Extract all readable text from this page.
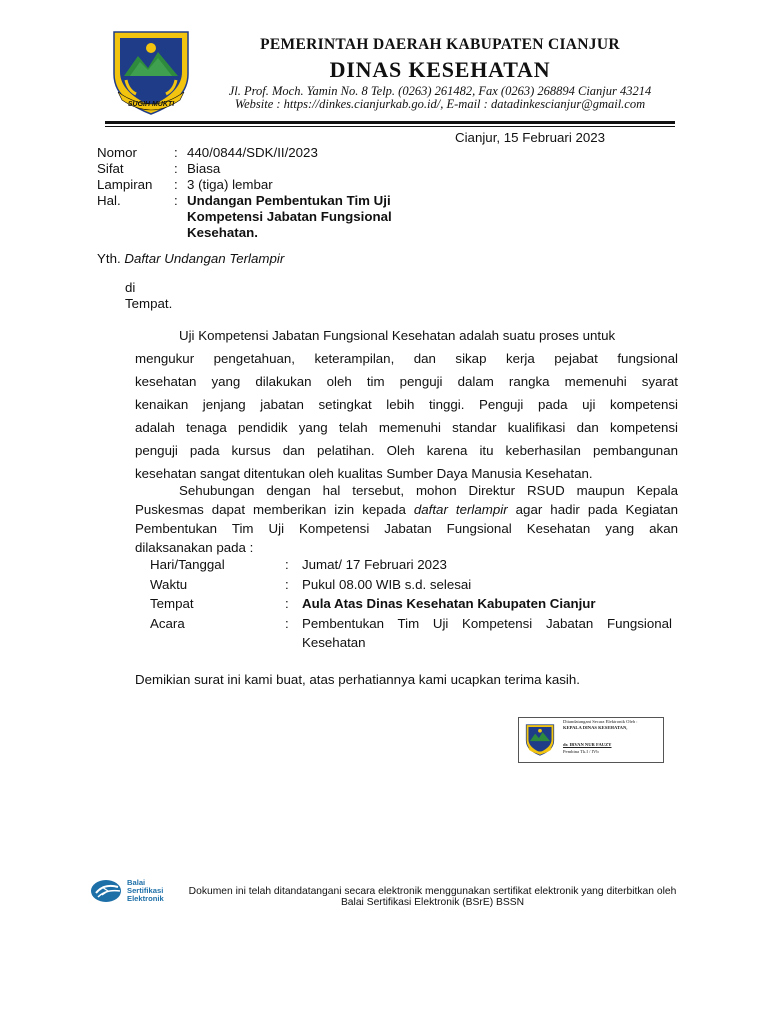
SUGIH MUKTI
PEMERINTAH DAERAH KABUPATEN CIANJUR
DINAS KESEHATAN
Jl. Prof. Moch. Yamin No. 8 Telp. (0263) 261482, Fax (0263) 268894 Cianjur 43214
Website : https://dinkes.cianjurkab.go.id/, E-mail : datadinkescianjur@gmail.com
Cianjur, 15 Februari 2023
Nomor	: 440/0844/SDK/II/2023
Sifat	: Biasa
Lampiran : 3 (tiga) lembar
Hal.	: Undangan Pembentukan Tim Uji
Kompetensi Jabatan Fungsional
Kesehatan.
Yth. Daftar Undangan Terlampir
di
Tempat.
Uji Kompetensi Jabatan Fungsional Kesehatan adalah suatu proses untuk
mengukur pengetahuan, keterampilan, dan sikap kerja pejabat fungsional
kesehatan yang dilakukan oleh tim penguji dalam rangka memenuhi syarat
kenaikan jenjang jabatan setingkat lebih tinggi. Penguji pada uji kompetensi
adalah tenaga pendidik yang telah memenuhi standar kualifikasi dan kompetensi
penguji pada kursus dan pelatihan. Oleh karena itu keberhasilan pembangunan
kesehatan sangat ditentukan oleh kualitas Sumber Daya Manusia Kesehatan.
Sehubungan dengan hal tersebut, mohon Direktur RSUD maupun Kepala
Puskesmas dapat memberikan izin kepada daftar terlampir agar hadir pada Kegiatan
Pembentukan Tim Uji Kompetensi Jabatan Fungsional Kesehatan yang akan
dilaksanakan pada :
Hari/Tanggal	: Jumat/ 17 Februari 2023
Waktu	: Pukul 08.00 WIB s.d. selesai
Tempat	: Aula Atas Dinas Kesehatan Kabupaten Cianjur
Acara	: Pembentukan Tim Uji Kompetensi Jabatan Fungsional
Kesehatan
Demikian surat ini kami buat, atas perhatiannya kami ucapkan terima kasih.
Ditandatangani Secara Elektronik Oleh :
KEPALA DINAS KESEHATAN,
dr. IRVAN NUR FAUZY
Pembina Tk.I / IVb
Balai
Sertifikasi
Elektronik
Dokumen ini telah ditandatangani secara elektronik menggunakan sertifikat elektronik yang diterbitkan oleh
Balai Sertifikasi Elektronik (BSrE) BSSN
